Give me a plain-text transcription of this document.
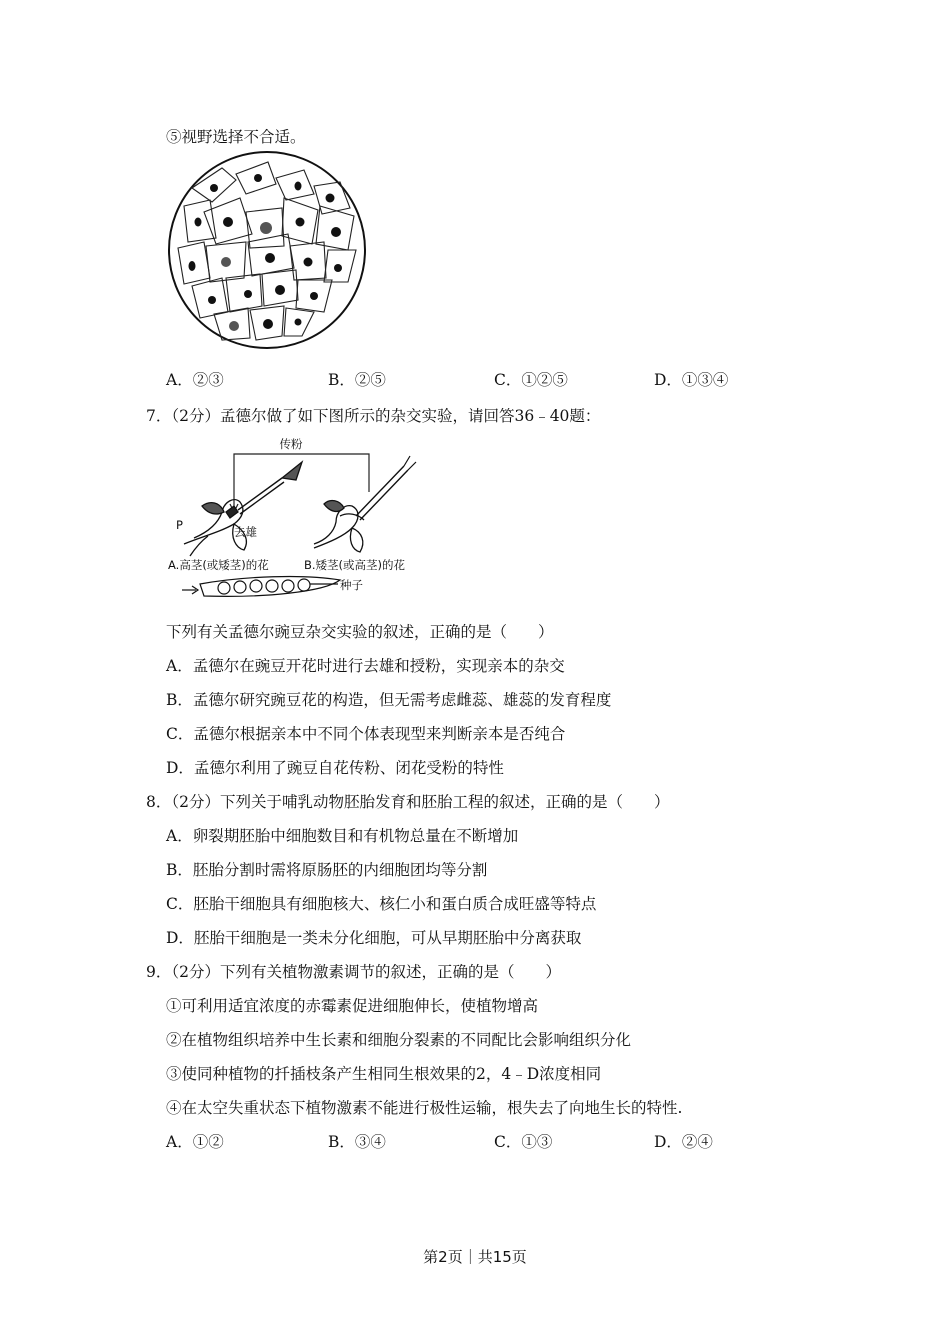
⑤视野选择不合适。
A．②③	B．②⑤	C．①②⑤	D．①③④
7．（2分）孟德尔做了如下图所示的杂交实验，请回答36﹣40题：
传粉
P	去雄
A.高茎(或矮茎)的花	B.矮茎(或高茎)的花
种子
下列有关孟德尔豌豆杂交实验的叙述，正确的是（　　）
A．孟德尔在豌豆开花时进行去雄和授粉，实现亲本的杂交
B．孟德尔研究豌豆花的构造，但无需考虑雌蕊、雄蕊的发育程度
C．孟德尔根据亲本中不同个体表现型来判断亲本是否纯合
D．孟德尔利用了豌豆自花传粉、闭花受粉的特性
8．（2分）下列关于哺乳动物胚胎发育和胚胎工程的叙述，正确的是（　　）
A．卵裂期胚胎中细胞数目和有机物总量在不断增加
B．胚胎分割时需将原肠胚的内细胞团均等分割
C．胚胎干细胞具有细胞核大、核仁小和蛋白质合成旺盛等特点
D．胚胎干细胞是一类未分化细胞，可从早期胚胎中分离获取
9．（2分）下列有关植物激素调节的叙述，正确的是（　　）
①可利用适宜浓度的赤霉素促进细胞伸长，使植物增高
②在植物组织培养中生长素和细胞分裂素的不同配比会影响组织分化
③使同种植物的扦插枝条产生相同生根效果的2，4﹣D浓度相同
④在太空失重状态下植物激素不能进行极性运输，根失去了向地生长的特性.
A．①②	B．③④	C．①③	D．②④
第2页｜共15页
